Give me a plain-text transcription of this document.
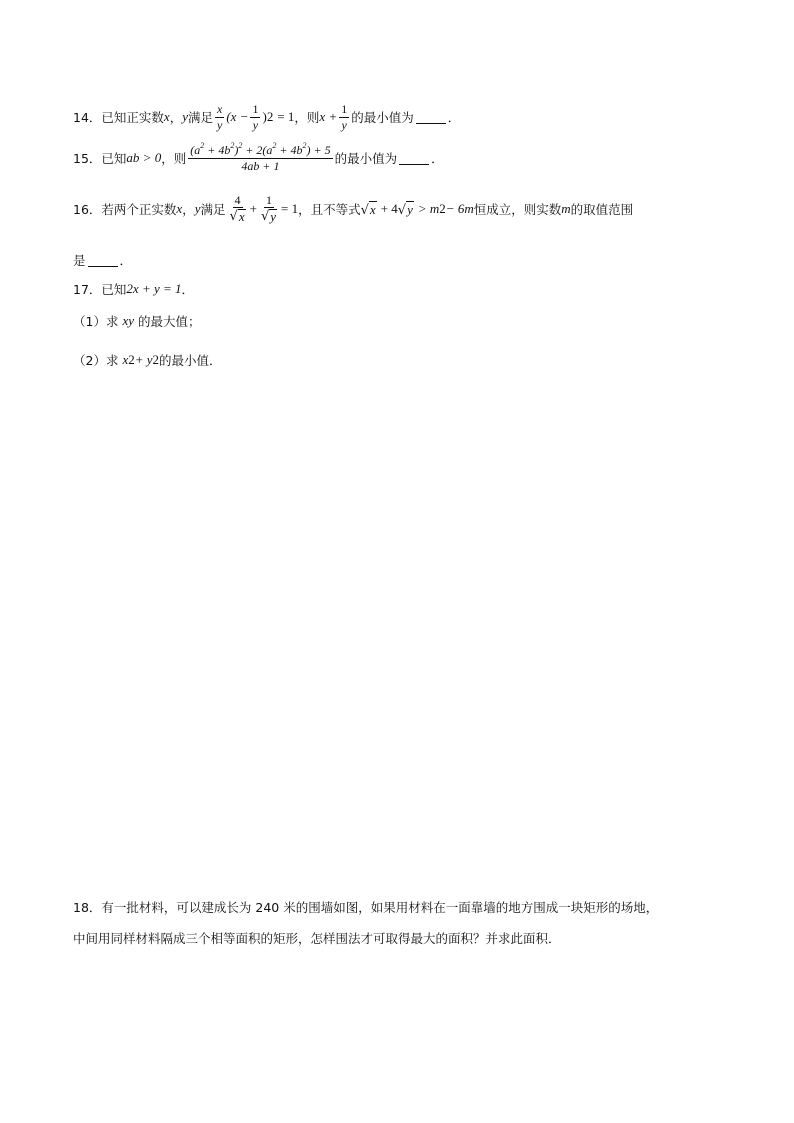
14． 已知正实数 x ， y 满足 $\frac{x}{y} (x - \frac{1}{y}$ ) 2 = 1 ，则 $x + \frac{1}{y}$ 的最小值为	．
15． 已知 ab > 0 ，则 $\frac{(a^2 + 4b^2)^2 + 2(a^2 + 4b^2) + 5}{4ab + 1}$ 的最小值为	．
16． 若两个正实数 x ， y 满足 $\frac{4}{√ x} + \frac{1}{√ y} = 1$ ，且不等式 √ x + 4 √ y > m 2 − 6m 恒成立，则实数 m 的取值范围
是	．
17． 已知 2x + y = 1 ．
（1）求 xy 的最大值；
（2）求 x 2 + y 2 的最小值．
18． 有一批材料，可以建成长为 240 米的围墙如图，如果用材料在一面靠墙的地方围成一块矩形的场地，
中间用同样材料隔成三个相等面积的矩形，怎样围法才可取得最大的面积？并求此面积．
